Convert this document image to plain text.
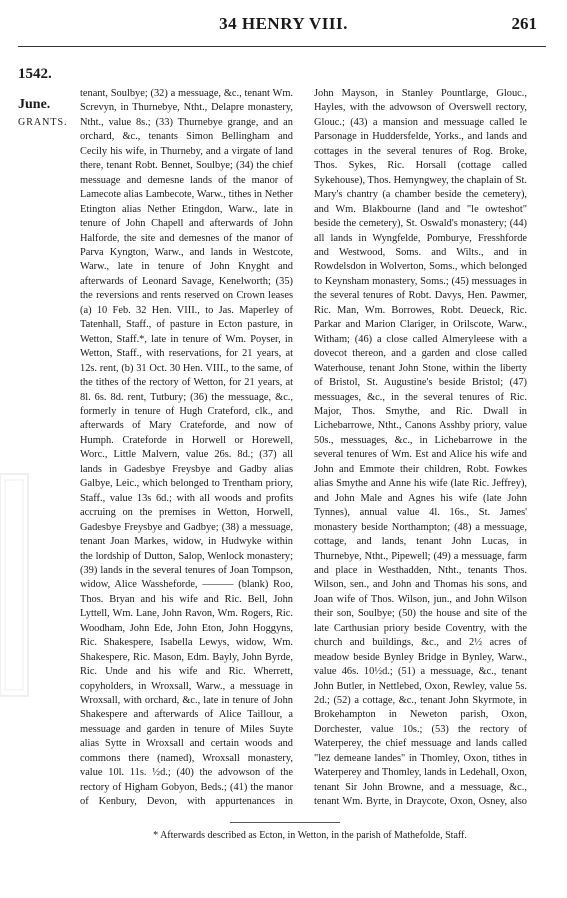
34 HENRY VIII.	261
1542.
June.
GRANTS.

tenant, Soulbye; (32) a messuage, &c., tenant Wm. Screvyn, in Thurnebye, Ntht., Delapre monastery, Ntht., value 8s.; (33) Thurnebye grange, and an orchard, &c., tenants Simon Bellingham and Cecily his wife, in Thurneby, and a virgate of land there, tenant Robt. Bennet, Soulbye; (34) the chief messuage and demesne lands of the manor of Lamecote alias Lambecote, Warw., tithes in Nether Etington alias Nether Etingdon, Warw., late in tenure of John Chapell and afterwards of John Halforde, the site and demesnes of the manor of Parva Kyngton, Warw., and lands in Westcote, Warw., late in tenure of John Knyght and afterwards of Leonard Savage, Kenelworth; (35) the reversions and rents reserved on Crown leases (a) 10 Feb. 32 Hen. VIII., to Jas. Maperley of Tatenhall, Staff., of pasture in Ecton pasture, in Wetton, Staff.*, late in tenure of Wm. Poyser, in Wetton, Staff., with reservations, for 21 years, at 12s. rent, (b) 31 Oct. 30 Hen. VIII., to the same, of the tithes of the rectory of Wetton, for 21 years, at 8l. 6s. 8d. rent, Tutbury; (36) the messuage, &c., formerly in tenure of Hugh Crateford, clk., and afterwards of Mary Crateforde, and now of Humph. Crateforde in Horwell or Horewell, Worc., Little Malvern, value 26s. 8d.; (37) all lands in Gadesbye Freysbye and Gadby alias Galbye, Leic., which belonged to Trentham priory, Staff., value 13s 6d.; with all woods and profits accruing on the premises in Wetton, Horwell, Gadesbye Freysbye and Gadbye; (38) a messuage, tenant Joan Markes, widow, in Hudwyke within the lordship of Dutton, Salop, Wenlock monastery; (39) lands in the several tenures of Joan Tompson, widow, Alice Wassheforde, ——— (blank) Roo, Thos. Bryan and his wife and Ric. Bell, John Lyttell, Wm. Lane, John Ravon, Wm. Rogers, Ric. Woodham, John Ede, John Eton, John Hoggyns, Ric. Shakespere, Isabella Lewys, widow, Wm. Shakespere, Ric. Mason, Edm. Bayly, John Byrde, Ric. Unde and his wife and Ric. Wherrett, copyholders, in Wroxsall, Warw., a messuage in Wroxsall, with orchard, &c., late in tenure of John Shakespere and afterwards of Alice Taillour, a messuage and garden in tenure of Miles Suyte alias Sytte in Wroxsall and certain woods and commons there (named), Wroxsall monastery, value 10l. 11s. ½d.; (40) the advowson of the rectory of Higham Gobyon, Beds.; (41) the manor of Kenbury, Devon, with appurtenances in

John Mayson, in Stanley Pountlarge, Glouc., Hayles, with the advowson of Overswell rectory, Glouc.; (43) a mansion and messuage called le Parsonage in Huddersfelde, Yorks., and lands and cottages in the several tenures of Rog. Broke, Thos. Sykes, Ric. Horsall (cottage called Sykehouse), Thos. Hemyngwey, the chaplain of St. Mary's chantry (a chamber beside the cemetery), and Wm. Blakbourne (land and "le owteshot" beside the cemetery), St. Oswald's monastery; (44) all lands in Wyngfelde, Pomburye, Fresshforde and Westwood, Soms. and Wilts., and in Rowdelsdon in Wolverton, Soms., which belonged to Keynsham monastery, Soms.; (45) messuages in the several tenures of Robt. Davys, Hen. Pawmer, Ric. Man, Wm. Borrowes, Robt. Deueck, Ric. Parkar and Marion Clariger, in Orilscote, Warw., Witham; (46) a close called Almeryleese with a dovecot thereon, and a garden and close called Waterhouse, tenant John Stone, within the liberty of Bristol, St. Augustine's beside Bristol; (47) messuages, &c., in the several tenures of Ric. Major, Thos. Smythe, and Ric. Dwall in Lichebarrowe, Ntht., Canons Asshby priory, value 50s., messuages, &c., in Lichebarrowe in the several tenures of Wm. Est and Alice his wife and John and Emmote their children, Robt. Fowkes alias Smythe and Anne his wife (late Ric. Jeffrey), and John Male and Agnes his wife (late John Tynnes), annual value 4l. 16s., St. James' monastery beside Northampton; (48) a messuage, cottage, and lands, tenant John Lucas, in Thurnebye, Ntht., Pipewell; (49) a messuage, farm and place in Westhadden, Ntht., tenants Thos. Wilson, sen., and John and Thomas his sons, and Joan wife of Thos. Wilson, jun., and John Wilson their son, Soulbye; (50) the house and site of the late Carthusian priory beside Coventry, with the church and buildings, &c., and 2½ acres of meadow beside Bynley Bridge in Bynley, Warw., value 46s. 10½d.; (51) a messuage, &c., tenant John Butler, in Nettlebed, Oxon, Rewley, value 5s. 2d.; (52) a cottage, &c., tenant John Skyrmote, in Brokehampton in Neweton parish, Oxon, Dorchester, value 10s.; (53) the rectory of Waterperey, the chief messuage and lands called "lez demeane landes" in Thomley, Oxon, tithes in Waterperey and Thomley, lands in Ledehall, Oxon, tenant Sir John Browne, and a messuage, &c., tenant Wm. Byrte, in Draycote, Oxon, Osney, also

* Afterwards described as Ecton, in Wetton, in the parish of Mathefolde, Staff.
